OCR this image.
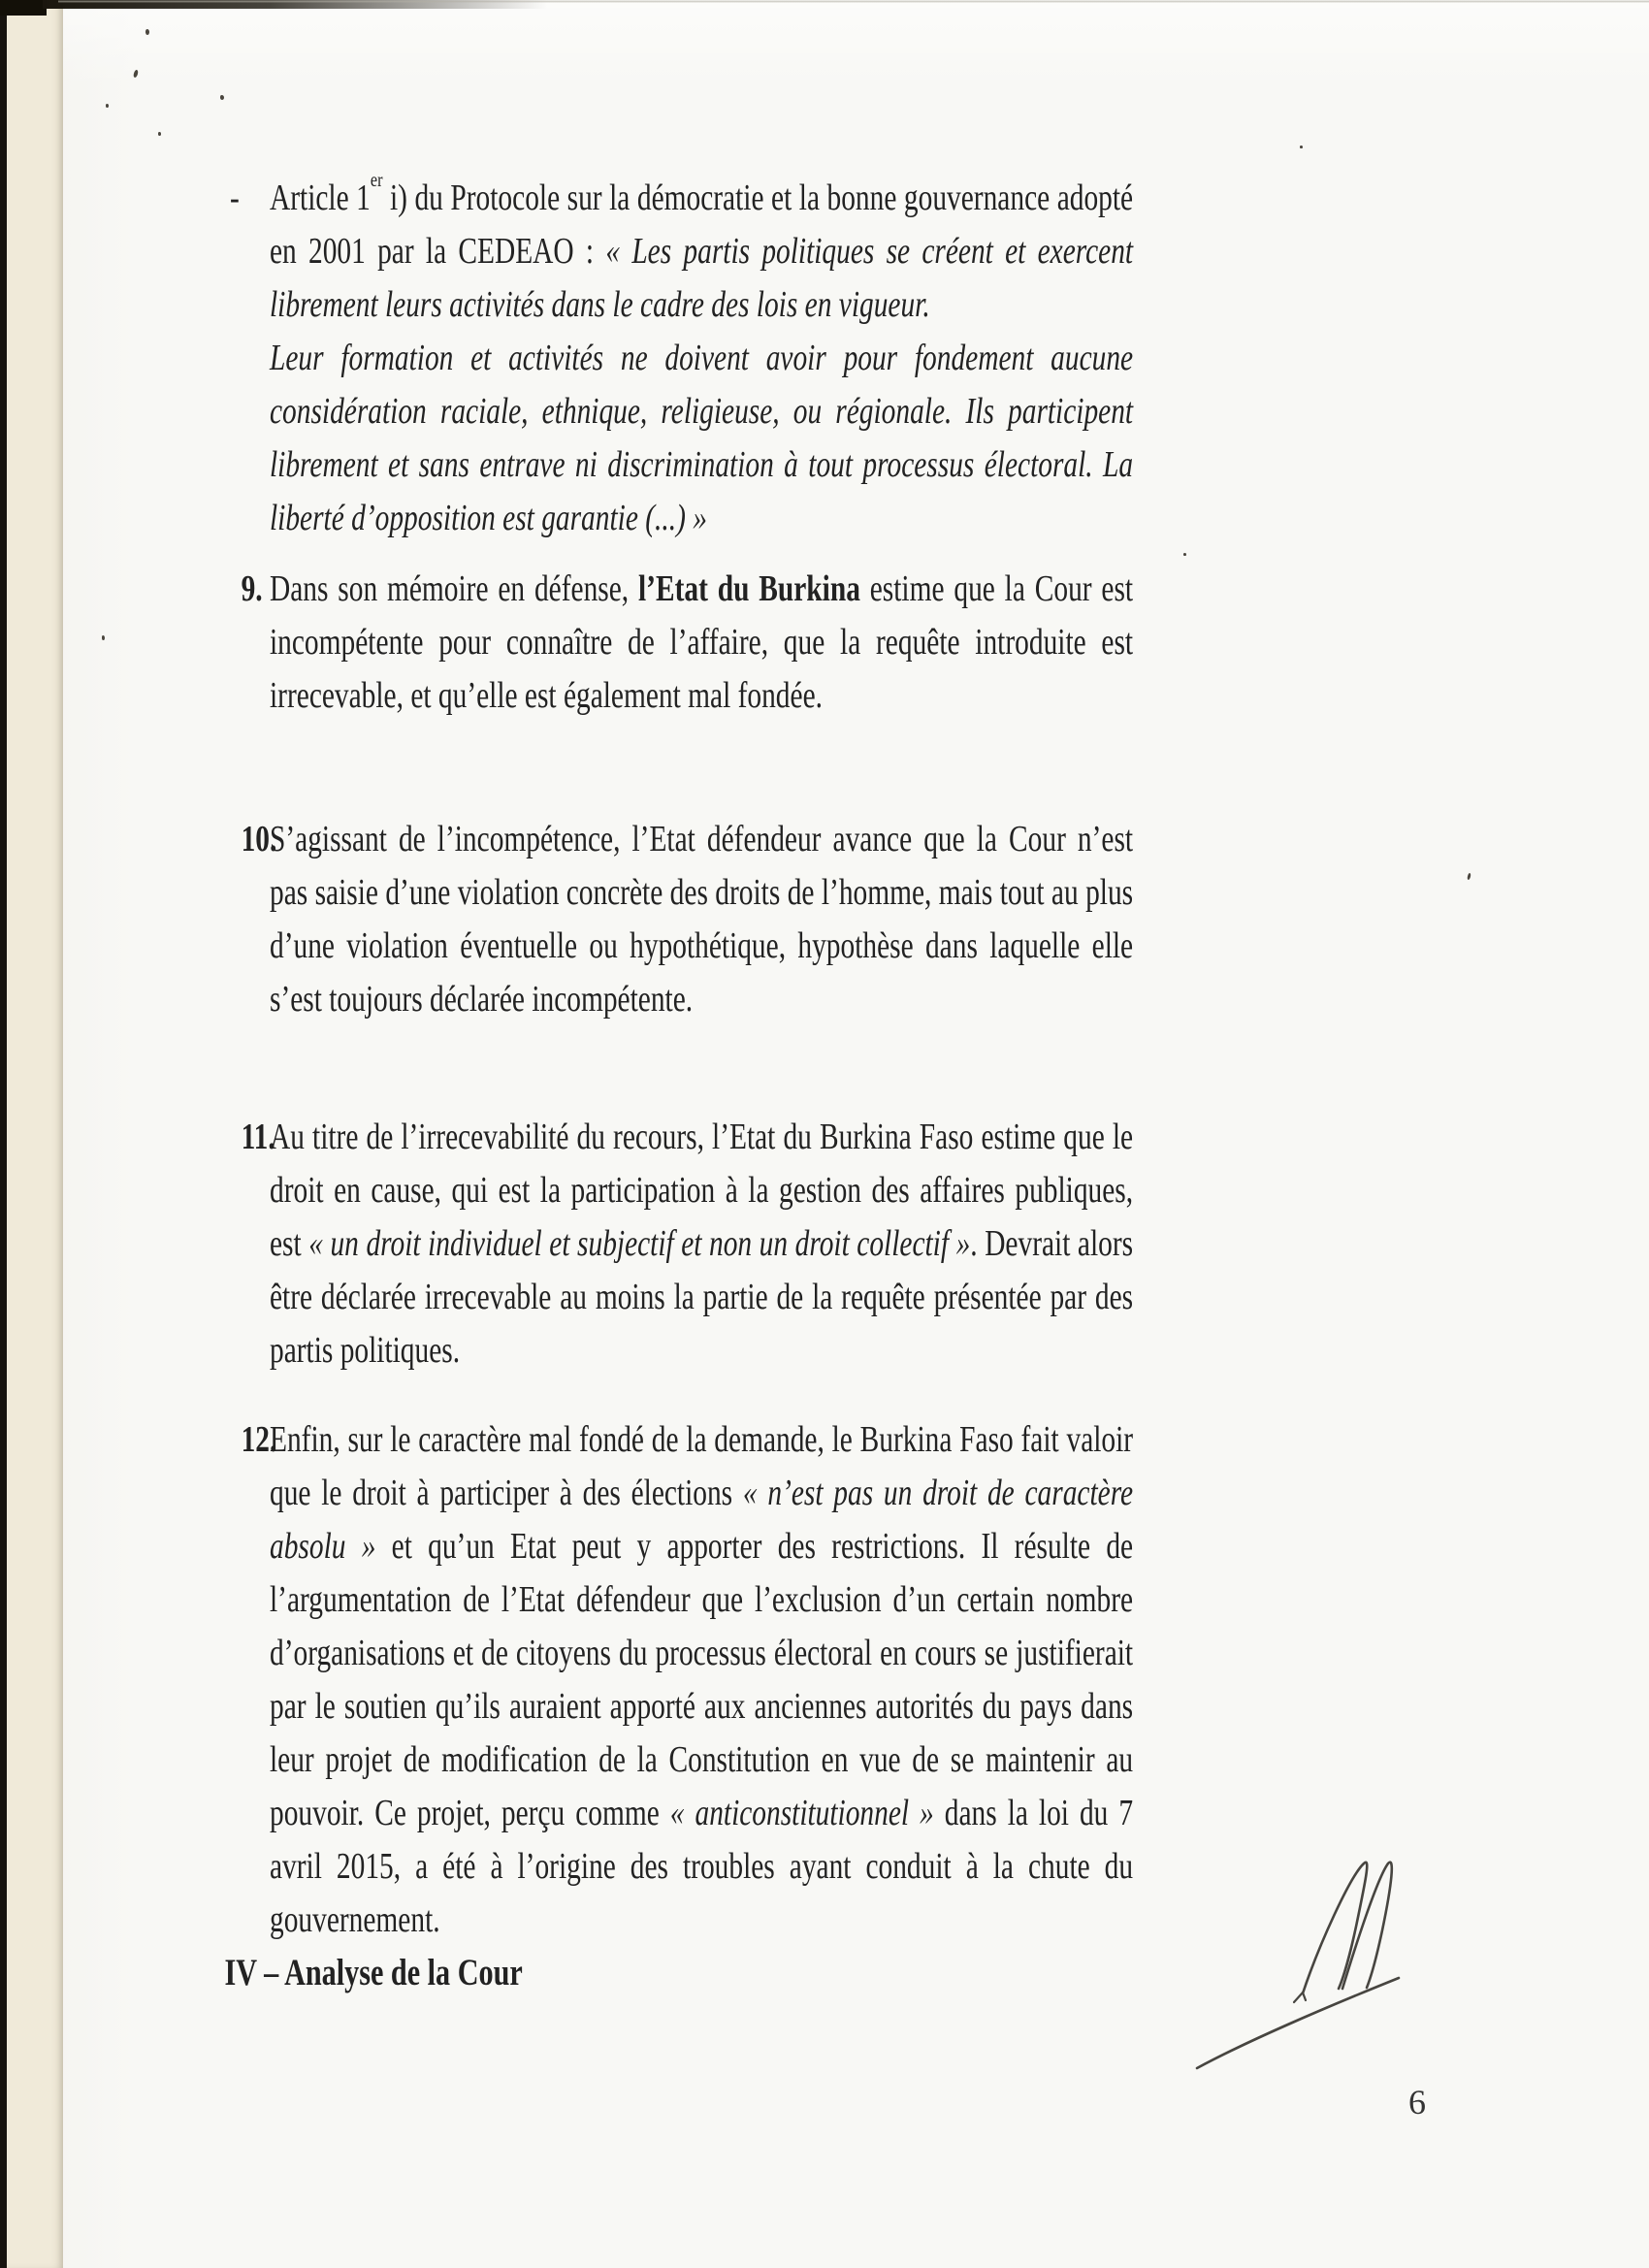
- Article 1er i) du Protocole sur la démocratie et la bonne gouvernance adopté en 2001 par la CEDEAO : « Les partis politiques se créent et exercent librement leurs activités dans le cadre des lois en vigueur.
Leur formation et activités ne doivent avoir pour fondement aucune considération raciale, ethnique, religieuse, ou régionale. Ils participent librement et sans entrave ni discrimination à tout processus électoral. La liberté d’opposition est garantie (...) »
9. Dans son mémoire en défense, l’Etat du Burkina estime que la Cour est incompétente pour connaître de l’affaire, que la requête introduite est irrecevable, et qu’elle est également mal fondée.
10.
S’agissant de l’incompétence, l’Etat défendeur avance que la Cour n’est pas saisie d’une violation concrète des droits de l’homme, mais tout au plus d’une violation éventuelle ou hypothétique, hypothèse dans laquelle elle s’est toujours déclarée incompétente.
11.
Au titre de l’irrecevabilité du recours, l’Etat du Burkina Faso estime que le droit en cause, qui est la participation à la gestion des affaires publiques, est « un droit individuel et subjectif et non un droit collectif ». Devrait alors être déclarée irrecevable au moins la partie de la requête présentée par des partis politiques.
12.
Enfin, sur le caractère mal fondé de la demande, le Burkina Faso fait valoir que le droit à participer à des élections « n’est pas un droit de caractère absolu » et qu’un Etat peut y apporter des restrictions. Il résulte de l’argumentation de l’Etat défendeur que l’exclusion d’un certain nombre d’organisations et de citoyens du processus électoral en cours se justifierait par le soutien qu’ils auraient apporté aux anciennes autorités du pays dans leur projet de modification de la Constitution en vue de se maintenir au pouvoir. Ce projet, perçu comme « anticonstitutionnel » dans la loi du 7 avril 2015, a été à l’origine des troubles ayant conduit à la chute du gouvernement.
IV – Analyse de la Cour
6
